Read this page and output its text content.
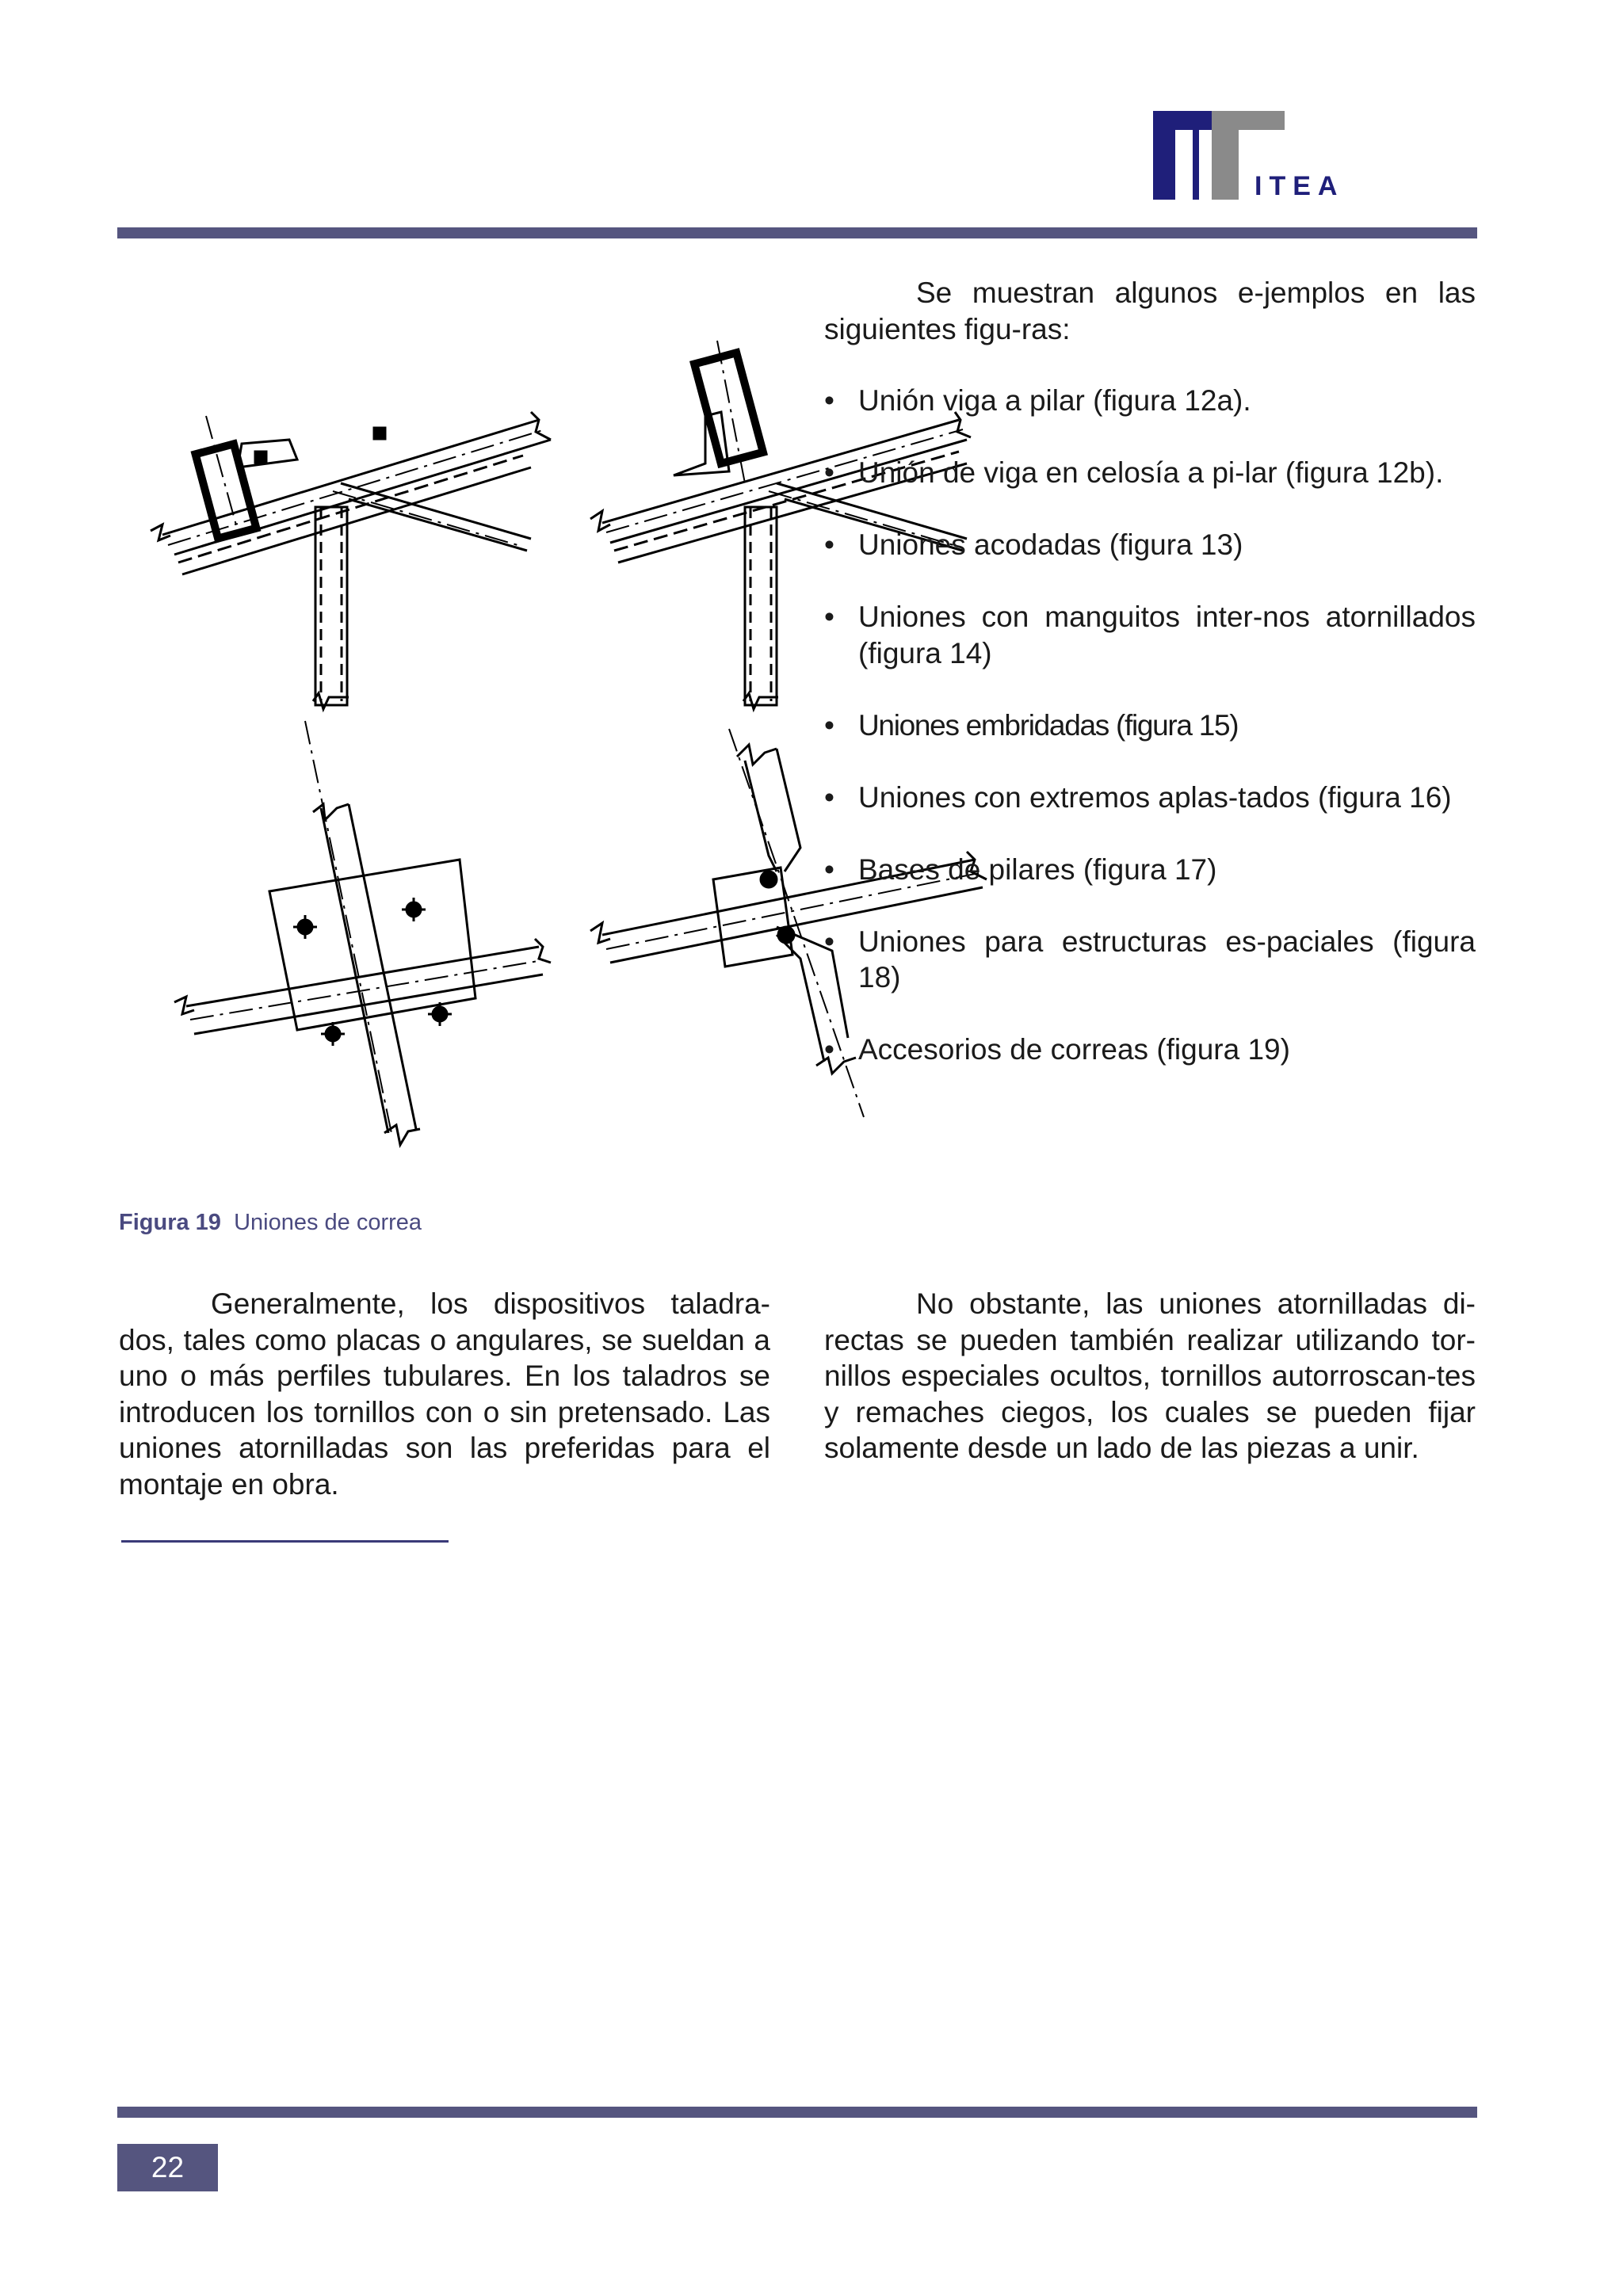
ITEA
Figura 19 Uniones de correa

Se muestran algunos e-jemplos en las siguientes figu-ras:

• Unión viga a pilar (figura 12a).
• Unión de viga en celosía a pi-lar (figura 12b).
• Uniones acodadas (figura 13)
• Uniones con manguitos inter-nos atornillados (figura 14)
• Uniones embridadas (figura 15)
• Uniones con extremos aplas-tados (figura 16)
• Bases de pilares (figura 17)
• Uniones para estructuras es-paciales (figura 18)
• Accesorios de correas (figura 19)

Generalmente, los dispositivos taladra-dos, tales como placas o angulares, se sueldan a uno o más perfiles tubulares. En los taladros se introducen los tornillos con o sin pretensado. Las uniones atornilladas son las preferidas para el montaje en obra.

No obstante, las uniones atornilladas di-rectas se pueden también realizar utilizando tor-nillos especiales ocultos, tornillos autorroscan-tes y remaches ciegos, los cuales se pueden fijar solamente desde un lado de las piezas a unir.

22
